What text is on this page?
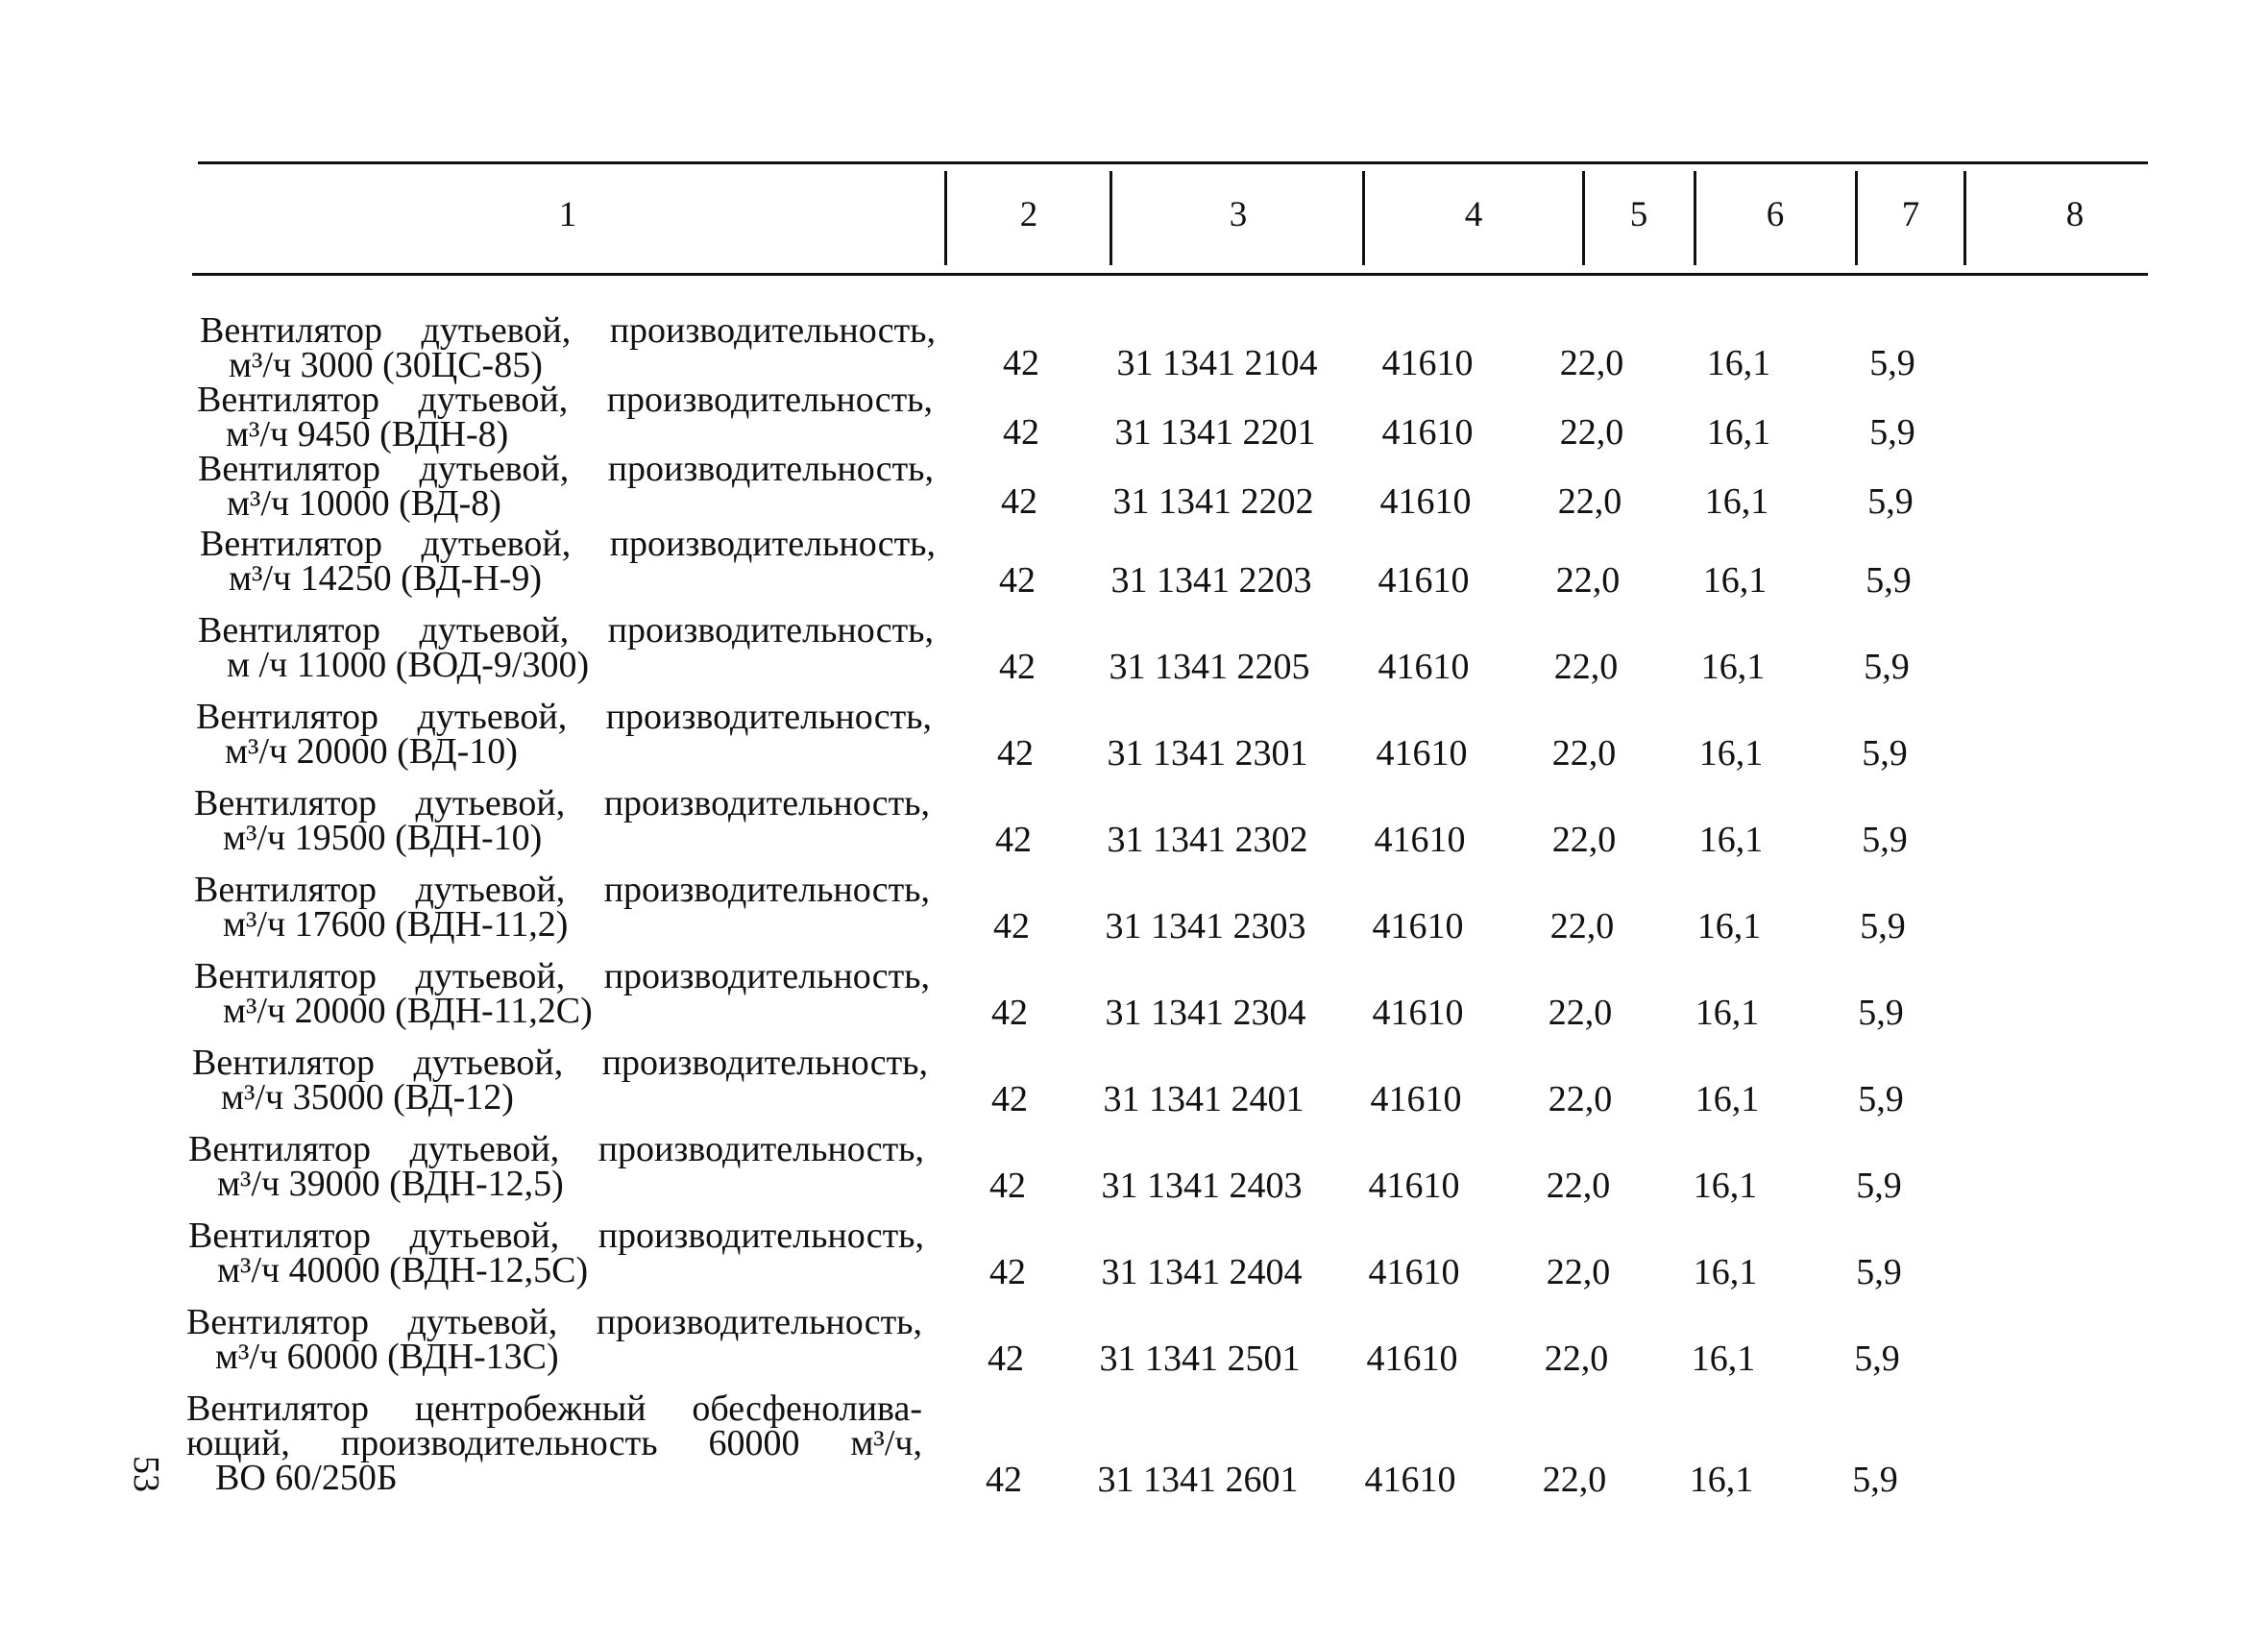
1	2	3	4	5	6	7	8
Вентилятор дутьевой, производительность,
м³/ч 3000 (30ЦС-85)	42	31 1341 2104	41610	22,0	16,1	5,9
Вентилятор дутьевой, производительность,
м³/ч 9450 (ВДН-8)	42	31 1341 2201	41610	22,0	16,1	5,9
Вентилятор дутьевой, производительность,
м³/ч 10000 (ВД-8)	42	31 1341 2202	41610	22,0	16,1	5,9
Вентилятор дутьевой, производительность,
м³/ч 14250 (ВД-Н-9)	42	31 1341 2203	41610	22,0	16,1	5,9
Вентилятор дутьевой, производительность,
м /ч 11000 (ВОД-9/300)	42	31 1341 2205	41610	22,0	16,1	5,9
Вентилятор дутьевой, производительность,
м³/ч 20000 (ВД-10)	42	31 1341 2301	41610	22,0	16,1	5,9
Вентилятор дутьевой, производительность,
м³/ч 19500 (ВДН-10)	42	31 1341 2302	41610	22,0	16,1	5,9
Вентилятор дутьевой, производительность,
м³/ч 17600 (ВДН-11,2)	42	31 1341 2303	41610	22,0	16,1	5,9
Вентилятор дутьевой, производительность,
м³/ч 20000 (ВДН-11,2С)	42	31 1341 2304	41610	22,0	16,1	5,9
Вентилятор дутьевой, производительность,
м³/ч 35000 (ВД-12)	42	31 1341 2401	41610	22,0	16,1	5,9
Вентилятор дутьевой, производительность,
м³/ч 39000 (ВДН-12,5)	42	31 1341 2403	41610	22,0	16,1	5,9
Вентилятор дутьевой, производительность,
м³/ч 40000 (ВДН-12,5С)	42	31 1341 2404	41610	22,0	16,1	5,9
Вентилятор дутьевой, производительность,
м³/ч 60000 (ВДН-13С)	42	31 1341 2501	41610	22,0	16,1	5,9
Вентилятор центробежный обесфенолива-
ющий, производительность 60000 м³/ч,
ВО 60/250Б	42	31 1341 2601	41610	22,0	16,1	5,9
53
